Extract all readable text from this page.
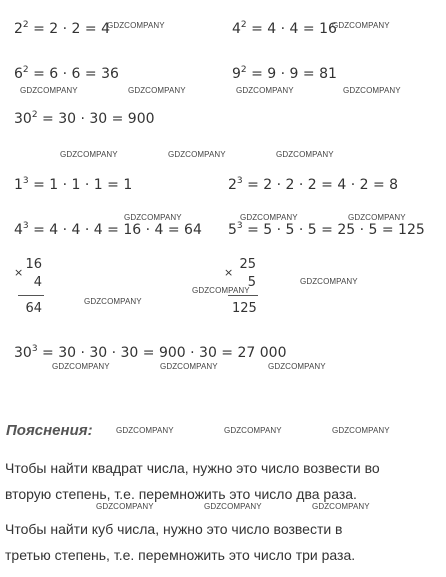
$2^2 = 2 \cdot 2 = 4$	$4^2 = 4 \cdot 4 = 16$
$6^2 = 6 \cdot 6 = 36$	$9^2 = 9 \cdot 9 = 81$
$30^2 = 30 \cdot 30 = 900$
$1^3 = 1 \cdot 1 \cdot 1 = 1$	$2^3 = 2 \cdot 2 \cdot 2 = 4 \cdot 2 = 8$
$4^3 = 4 \cdot 4 \cdot 4 = 16 \cdot 4 = 64$ $5^3 = 5 \cdot 5 \cdot 5 = 25 \cdot 5 = 125$
×
16
4
64
×
25
5
125
$30^3 = 30 \cdot 30 \cdot 30 = 900 \cdot 30 = 27$ 000
Пояснения:
Чтобы найти квадрат числа, нужно это число возвести во
вторую степень, т.е. перемножить это число два раза.
Чтобы найти куб числа, нужно это число возвести в
третью степень, т.е. перемножить это число три раза.
GDZCOMPANY	GDZCOMPANY
GDZCOMPANY	GDZCOMPANY	GDZCOMPANY	GDZCOMPANY
GDZCOMPANY	GDZCOMPANY	GDZCOMPANY
GDZCOMPANY	GDZCOMPANY	GDZCOMPANY
GDZCOMPANY
GDZCOMPANY
GDZCOMPANY
GDZCOMPANY	GDZCOMPANY	GDZCOMPANY
GDZCOMPANY	GDZCOMPANY	GDZCOMPANY
GDZCOMPANY	GDZCOMPANY	GDZCOMPANY
